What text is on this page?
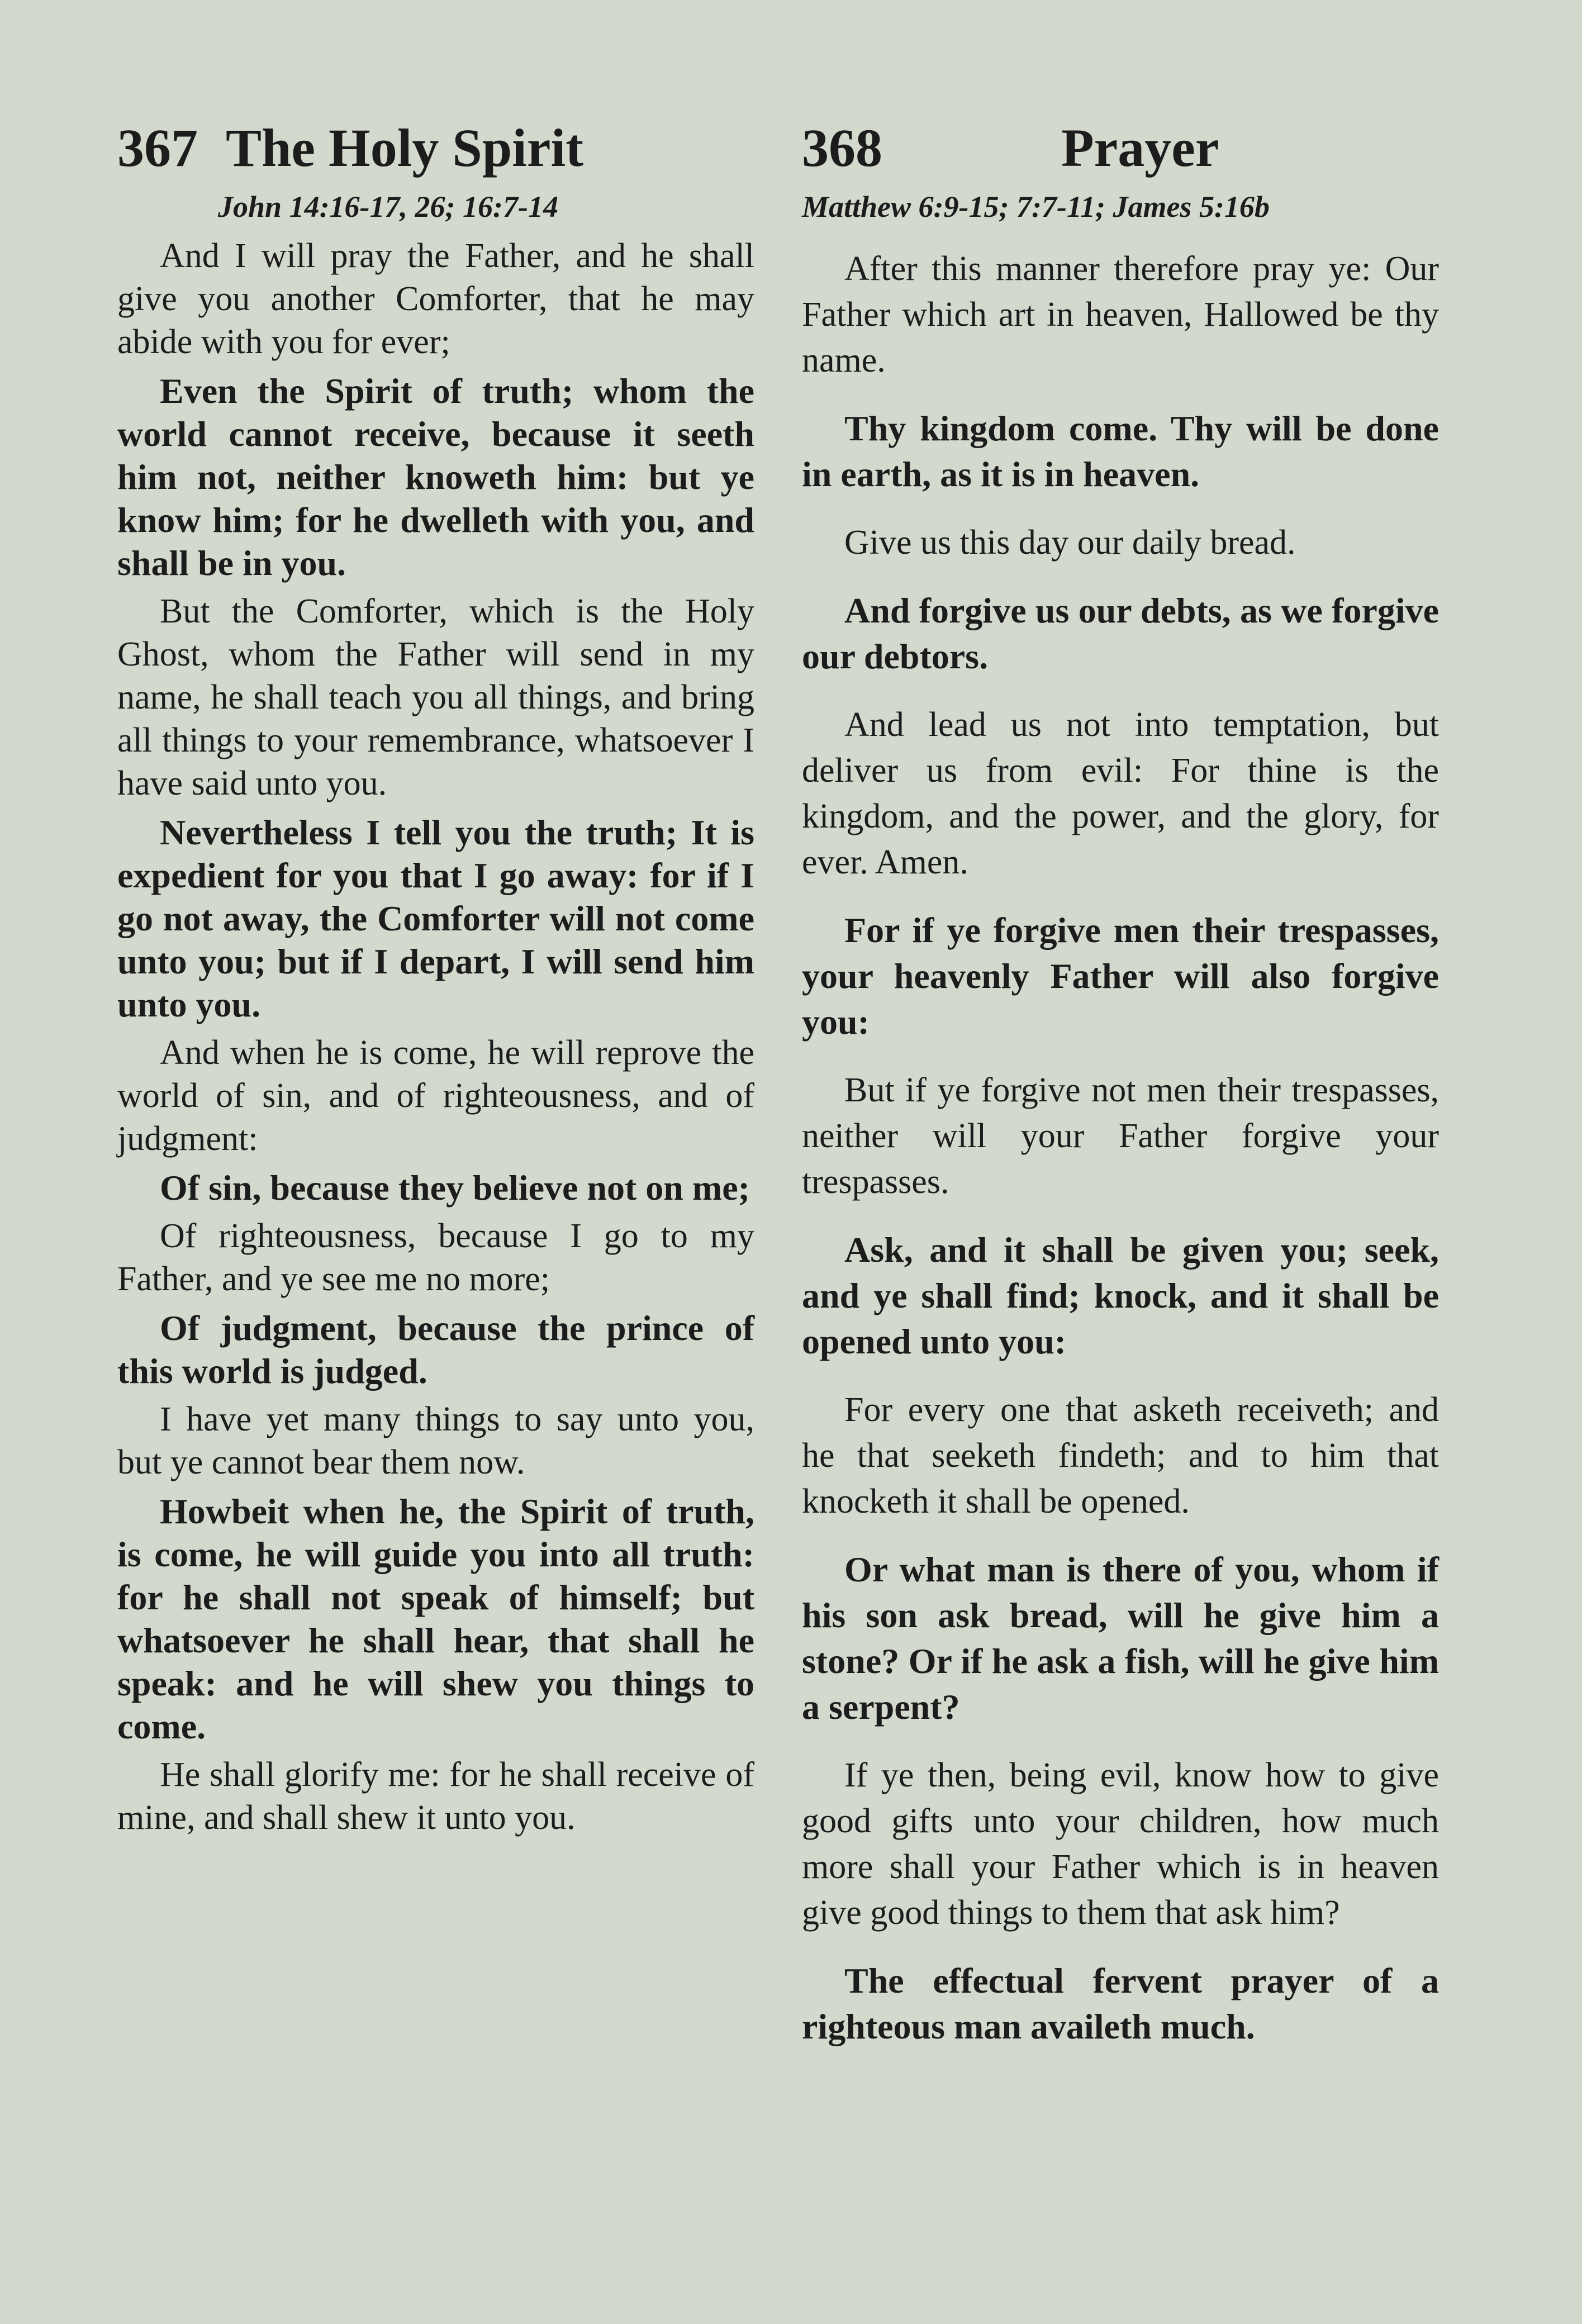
367 The Holy Spirit
John 14:16-17, 26; 16:7-14

And I will pray the Father, and he shall give you another Comforter, that he may abide with you for ever;

Even the Spirit of truth; whom the world cannot receive, because it seeth him not, neither knoweth him: but ye know him; for he dwelleth with you, and shall be in you.

But the Comforter, which is the Holy Ghost, whom the Father will send in my name, he shall teach you all things, and bring all things to your remembrance, whatsoever I have said unto you.

Nevertheless I tell you the truth; It is expedient for you that I go away: for if I go not away, the Comforter will not come unto you; but if I depart, I will send him unto you.

And when he is come, he will reprove the world of sin, and of righteousness, and of judgment:

Of sin, because they believe not on me;

Of righteousness, because I go to my Father, and ye see me no more;

Of judgment, because the prince of this world is judged.

I have yet many things to say unto you, but ye cannot bear them now.

Howbeit when he, the Spirit of truth, is come, he will guide you into all truth: for he shall not speak of himself; but whatsoever he shall hear, that shall he speak: and he will shew you things to come.

He shall glorify me: for he shall receive of mine, and shall shew it unto you.

368	Prayer
Matthew 6:9-15; 7:7-11; James 5:16b

After this manner therefore pray ye: Our Father which art in heaven, Hallowed be thy name.

Thy kingdom come. Thy will be done in earth, as it is in heaven.

Give us this day our daily bread.

And forgive us our debts, as we forgive our debtors.

And lead us not into temptation, but deliver us from evil: For thine is the kingdom, and the power, and the glory, for ever. Amen.

For if ye forgive men their trespasses, your heavenly Father will also forgive you:

But if ye forgive not men their trespasses, neither will your Father forgive your trespasses.

Ask, and it shall be given you; seek, and ye shall find; knock, and it shall be opened unto you:

For every one that asketh receiveth; and he that seeketh findeth; and to him that knocketh it shall be opened.

Or what man is there of you, whom if his son ask bread, will he give him a stone? Or if he ask a fish, will he give him a serpent?

If ye then, being evil, know how to give good gifts unto your children, how much more shall your Father which is in heaven give good things to them that ask him?

The effectual fervent prayer of a righteous man availeth much.
